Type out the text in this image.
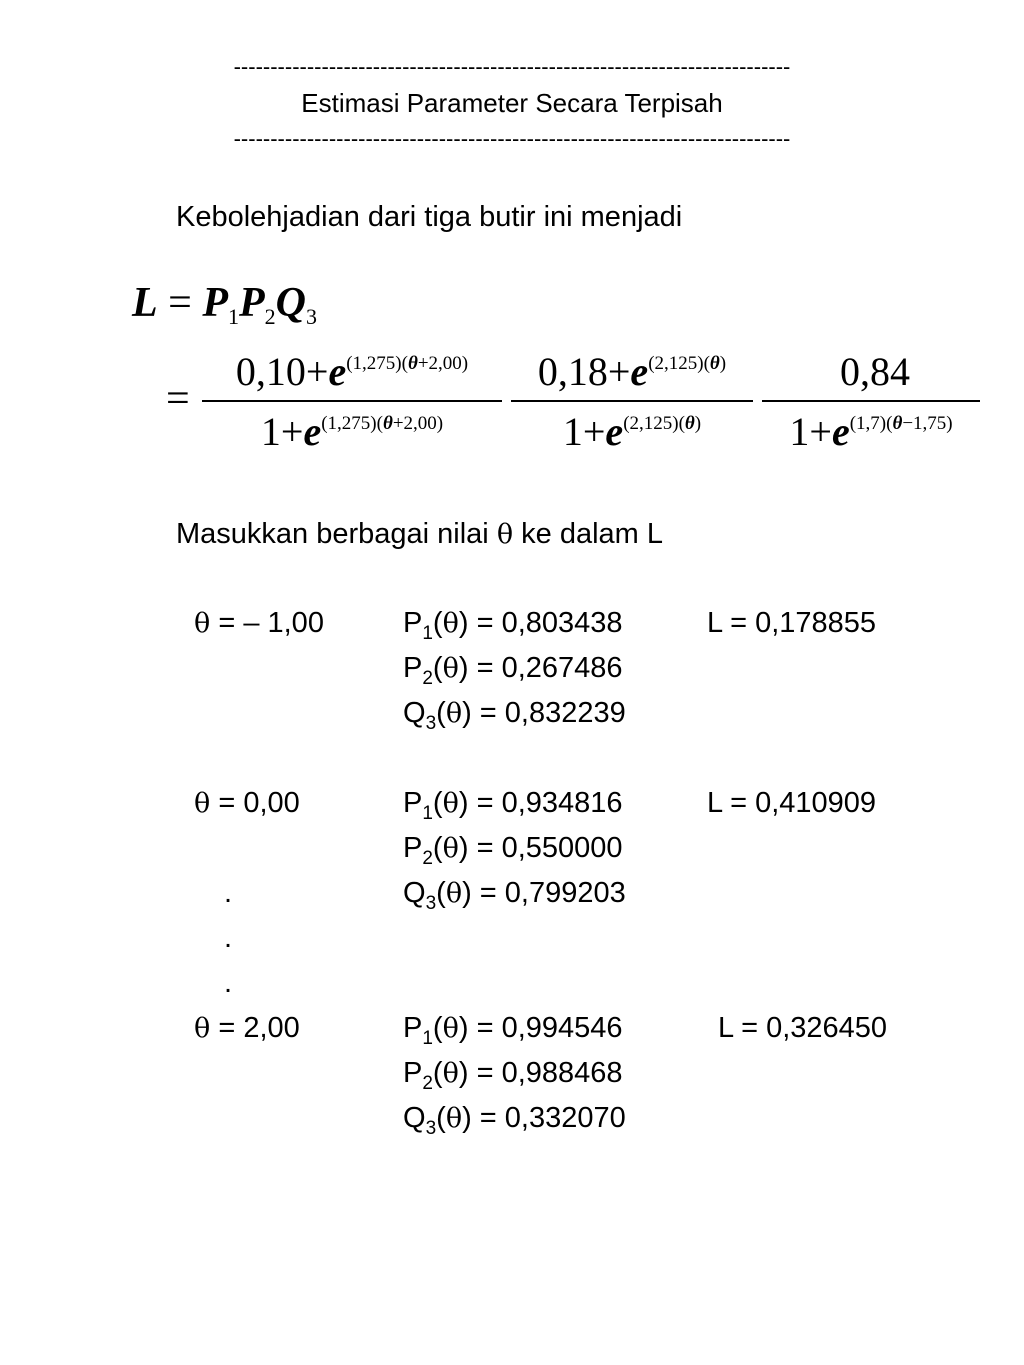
----------------------------------------------------------------------------
Estimasi Parameter Secara Terpisah
----------------------------------------------------------------------------
Kebolehjadian dari tiga butir ini menjadi
$L = P_1P_2Q_3$
=
$0,10+e^{(1,275)(\theta+2,00)}$
$1+e^{(1,275)(\theta+2,00)}$
$0,18+e^{(2,125)(\theta)}$
$1+e^{(2,125)(\theta)}$
0,84
$1+e^{(1,7)(\theta-1,75)}$
Masukkan berbagai nilai θ ke dalam L
θ = – 1,00	$P_1(\theta) = 0,803438$	L = 0,178855
$P_2(\theta) = 0,267486$
$Q_3(\theta) = 0,832239$
θ = 0,00	$P_1(\theta) = 0,934816$	L = 0,410909
$P_2(\theta) = 0,550000$
$Q_3(\theta) = 0,799203$
.
.
.
θ = 2,00	$P_1(\theta) = 0,994546$	L = 0,326450
$P_2(\theta) = 0,988468$
$Q_3(\theta) = 0,332070$
